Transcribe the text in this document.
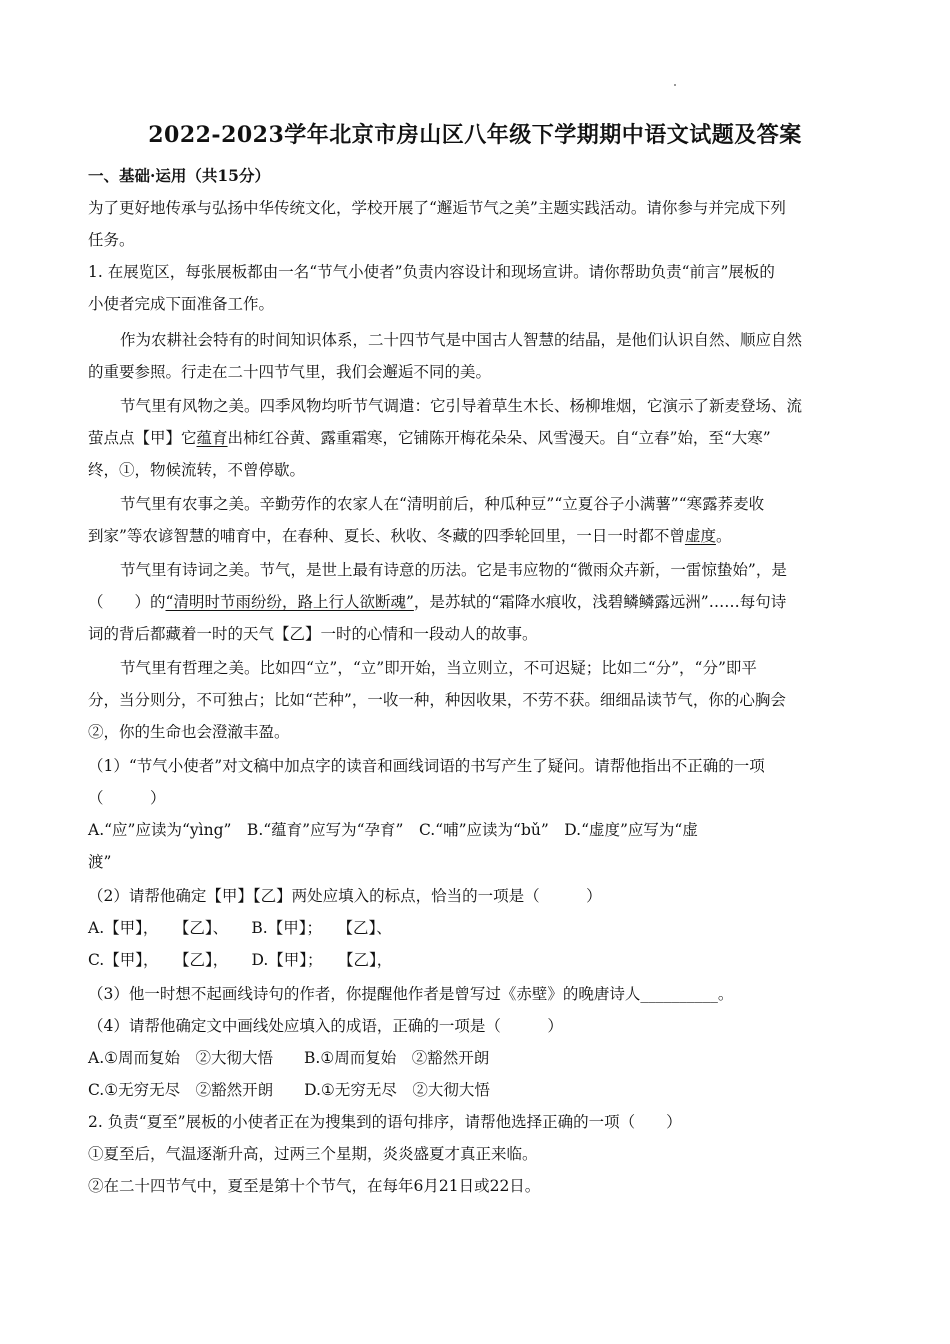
2022-2023学年北京市房山区八年级下学期期中语文试题及答案
一、基础·运用（共15分）
为了更好地传承与弘扬中华传统文化，学校开展了“邂逅节气之美”主题实践活动。请你参与并完成下列
任务。
1. 在展览区，每张展板都由一名“节气小使者”负责内容设计和现场宣讲。请你帮助负责“前言”展板的
小使者完成下面准备工作。
作为农耕社会特有的时间知识体系，二十四节气是中国古人智慧的结晶，是他们认识自然、顺应自然
的重要参照。行走在二十四节气里，我们会邂逅不同的美。
节气里有风物之美。四季风物均听节气调遣：它引导着草生木长、杨柳堆烟，它演示了新麦登场、流
萤点点【甲】它蕴育出柿红谷黄、露重霜寒，它铺陈开梅花朵朵、风雪漫天。自“立春”始，至“大寒”
终，①，物候流转，不曾停歇。
节气里有农事之美。辛勤劳作的农家人在“清明前后，种瓜种豆”“立夏谷子小满薯”“寒露荞麦收
到家”等农谚智慧的哺育中，在春种、夏长、秋收、冬藏的四季轮回里，一日一时都不曾虚度。
节气里有诗词之美。节气，是世上最有诗意的历法。它是韦应物的“微雨众卉新，一雷惊蛰始”，是
（　　）的“清明时节雨纷纷，路上行人欲断魂”，是苏轼的“霜降水痕收，浅碧鳞鳞露远洲”……每句诗
词的背后都藏着一时的天气【乙】一时的心情和一段动人的故事。
节气里有哲理之美。比如四“立”，“立”即开始，当立则立，不可迟疑；比如二“分”，“分”即平
分，当分则分，不可独占；比如“芒种”，一收一种，种因收果，不劳不获。细细品读节气，你的心胸会
②，你的生命也会澄澈丰盈。
（1）“节气小使者”对文稿中加点字的读音和画线词语的书写产生了疑问。请帮他指出不正确的一项
（　　　）
A.“应”应读为“yìng”　B.“蕴育”应写为“孕育”　C.“哺”应读为“bǔ”　D.“虚度”应写为“虚
渡”
（2）请帮他确定【甲】【乙】两处应填入的标点，恰当的一项是（　　　）
A.【甲】，　　【乙】、　　B.【甲】；　　【乙】、
C.【甲】，　　【乙】，　　D.【甲】；　　【乙】，
（3）他一时想不起画线诗句的作者，你提醒他作者是曾写过《赤壁》的晚唐诗人__________。
（4）请帮他确定文中画线处应填入的成语，正确的一项是（　　　）
A.①周而复始　②大彻大悟　　B.①周而复始　②豁然开朗
C.①无穷无尽　②豁然开朗　　D.①无穷无尽　②大彻大悟
2. 负责“夏至”展板的小使者正在为搜集到的语句排序，请帮他选择正确的一项（　　）
①夏至后，气温逐渐升高，过两三个星期，炎炎盛夏才真正来临。
②在二十四节气中，夏至是第十个节气，在每年6月21日或22日。
